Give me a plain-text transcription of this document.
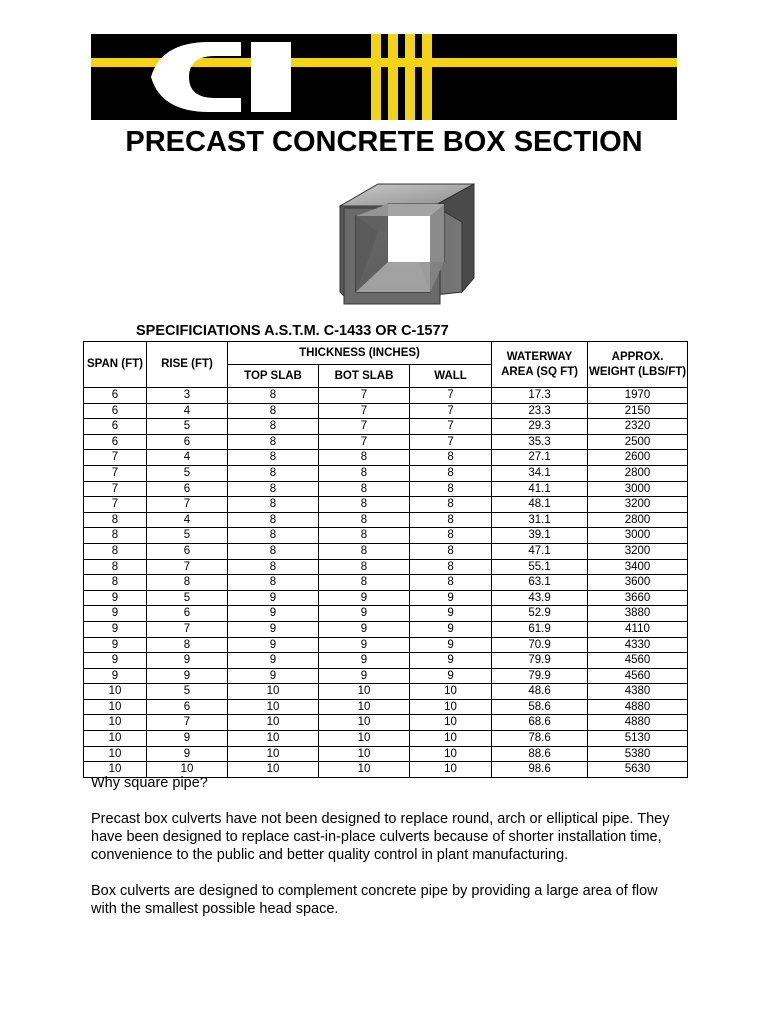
PRECAST CONCRETE BOX SECTION
SPECIFICIATIONS A.S.T.M. C-1433 OR C-1577
SPAN (FT)	RISE (FT)	THICKNESS (INCHES)			WATERWAY AREA (SQ FT)	APPROX. WEIGHT (LBS/FT)
		TOP SLAB	BOT SLAB	WALL		
6	3	8	7	7	17.3	1970
6	4	8	7	7	23.3	2150
6	5	8	7	7	29.3	2320
6	6	8	7	7	35.3	2500
7	4	8	8	8	27.1	2600
7	5	8	8	8	34.1	2800
7	6	8	8	8	41.1	3000
7	7	8	8	8	48.1	3200
8	4	8	8	8	31.1	2800
8	5	8	8	8	39.1	3000
8	6	8	8	8	47.1	3200
8	7	8	8	8	55.1	3400
8	8	8	8	8	63.1	3600
9	5	9	9	9	43.9	3660
9	6	9	9	9	52.9	3880
9	7	9	9	9	61.9	4110
9	8	9	9	9	70.9	4330
9	9	9	9	9	79.9	4560
9	9	9	9	9	79.9	4560
10	5	10	10	10	48.6	4380
10	6	10	10	10	58.6	4880
10	7	10	10	10	68.6	4880
10	9	10	10	10	78.6	5130
10	9	10	10	10	88.6	5380
10	10	10	10	10	98.6	5630

Why square pipe?

Precast box culverts have not been designed to replace round, arch or elliptical pipe. They have been designed to replace cast-in-place culverts because of shorter installation time, convenience to the public and better quality control in plant manufacturing.

Box culverts are designed to complement concrete pipe by providing a large area of flow with the smallest possible head space.
